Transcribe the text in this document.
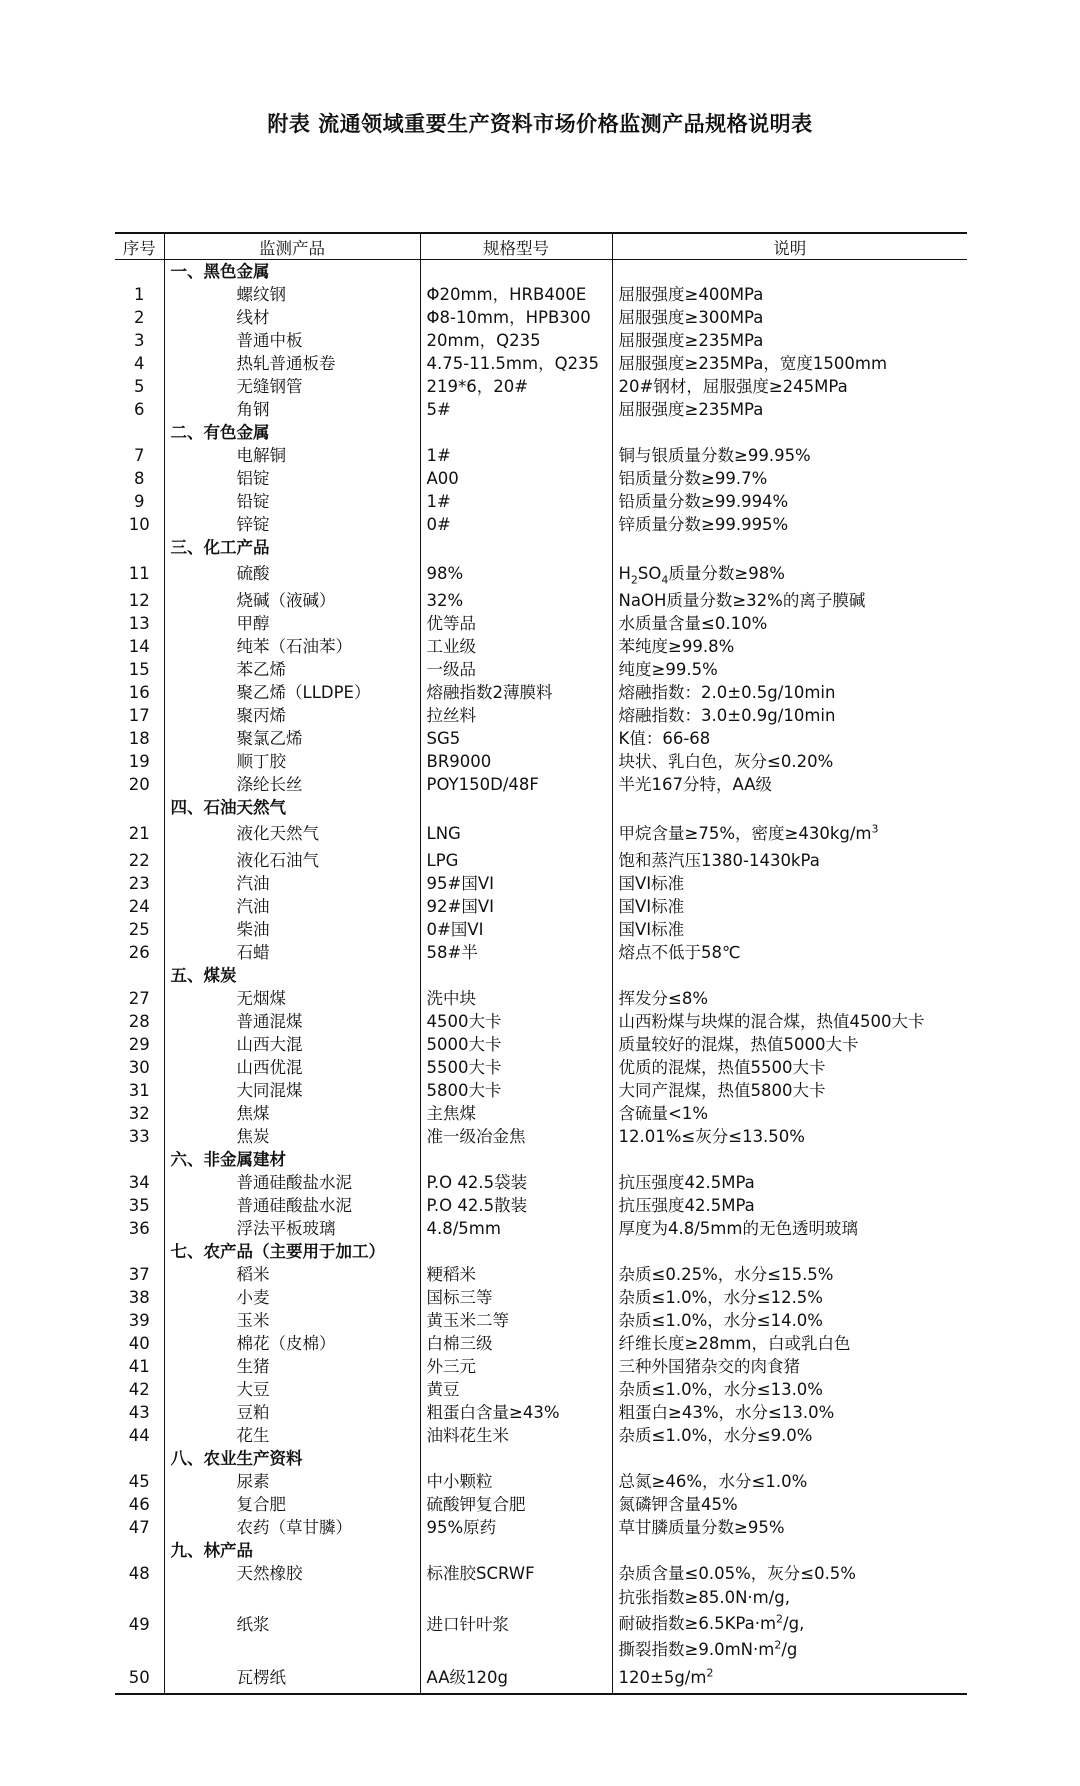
附表 流通领域重要生产资料市场价格监测产品规格说明表
序号	监测产品	规格型号	说明
	一、黑色金属		
1	螺纹钢	Φ20mm，HRB400E	屈服强度≥400MPa
2	线材	Φ8-10mm，HPB300	屈服强度≥300MPa
3	普通中板	20mm，Q235	屈服强度≥235MPa
4	热轧普通板卷	4.75-11.5mm，Q235	屈服强度≥235MPa，宽度1500mm
5	无缝钢管	219*6，20#	20#钢材，屈服强度≥245MPa
6	角钢	5#	屈服强度≥235MPa
	二、有色金属		
7	电解铜	1#	铜与银质量分数≥99.95%
8	铝锭	A00	铝质量分数≥99.7%
9	铅锭	1#	铅质量分数≥99.994%
10	锌锭	0#	锌质量分数≥99.995%
	三、化工产品		
11	硫酸	98%	$H_2SO_4$质量分数≥98%
12	烧碱（液碱）	32%	NaOH质量分数≥32%的离子膜碱
13	甲醇	优等品	水质量含量≤0.10%
14	纯苯（石油苯）	工业级	苯纯度≥99.8%
15	苯乙烯	一级品	纯度≥99.5%
16	聚乙烯（LLDPE）	熔融指数2薄膜料	熔融指数：2.0±0.5g/10min
17	聚丙烯	拉丝料	熔融指数：3.0±0.9g/10min
18	聚氯乙烯	SG5	K值：66-68
19	顺丁胶	BR9000	块状、乳白色，灰分≤0.20%
20	涤纶长丝	POY150D/48F	半光167分特，AA级
	四、石油天然气		
21	液化天然气	LNG	甲烷含量≥75%，密度$\ge 430kg/m^3$
22	液化石油气	LPG	饱和蒸汽压1380-1430kPa
23	汽油	95#国VI	国VI标准
24	汽油	92#国VI	国VI标准
25	柴油	0#国VI	国VI标准
26	石蜡	58#半	熔点不低于58℃
	五、煤炭		
27	无烟煤	洗中块	挥发分≤8%
28	普通混煤	4500大卡	山西粉煤与块煤的混合煤，热值4500大卡
29	山西大混	5000大卡	质量较好的混煤，热值5000大卡
30	山西优混	5500大卡	优质的混煤，热值5500大卡
31	大同混煤	5800大卡	大同产混煤，热值5800大卡
32	焦煤	主焦煤	含硫量<1%
33	焦炭	准一级冶金焦	12.01%≤灰分≤13.50%
	六、非金属建材		
34	普通硅酸盐水泥	P.O 42.5袋装	抗压强度42.5MPa
35	普通硅酸盐水泥	P.O 42.5散装	抗压强度42.5MPa
36	浮法平板玻璃	4.8/5mm	厚度为4.8/5mm的无色透明玻璃
	七、农产品（主要用于加工）		
37	稻米	粳稻米	杂质≤0.25%，水分≤15.5%
38	小麦	国标三等	杂质≤1.0%，水分≤12.5%
39	玉米	黄玉米二等	杂质≤1.0%，水分≤14.0%
40	棉花（皮棉）	白棉三级	纤维长度≥28mm，白或乳白色
41	生猪	外三元	三种外国猪杂交的肉食猪
42	大豆	黄豆	杂质≤1.0%，水分≤13.0%
43	豆粕	粗蛋白含量≥43%	粗蛋白≥43%，水分≤13.0%
44	花生	油料花生米	杂质≤1.0%，水分≤9.0%
	八、农业生产资料		
45	尿素	中小颗粒	总氮≥46%，水分≤1.0%
46	复合肥	硫酸钾复合肥	氮磷钾含量45%
47	农药（草甘膦）	95%原药	草甘膦质量分数≥95%
	九、林产品		
48	天然橡胶	标准胶SCRWF	杂质含量≤0.05%，灰分≤0.5%
49	纸浆	进口针叶浆	抗张指数≥85.0N·m/g,
耐破指数$\ge 6.5KPa\cdot m^2/g$,
撕裂指数$\ge 9.0mN\cdot m^2/g$

50	瓦楞纸	AA级120g	$120\pm 5g/m^2$
